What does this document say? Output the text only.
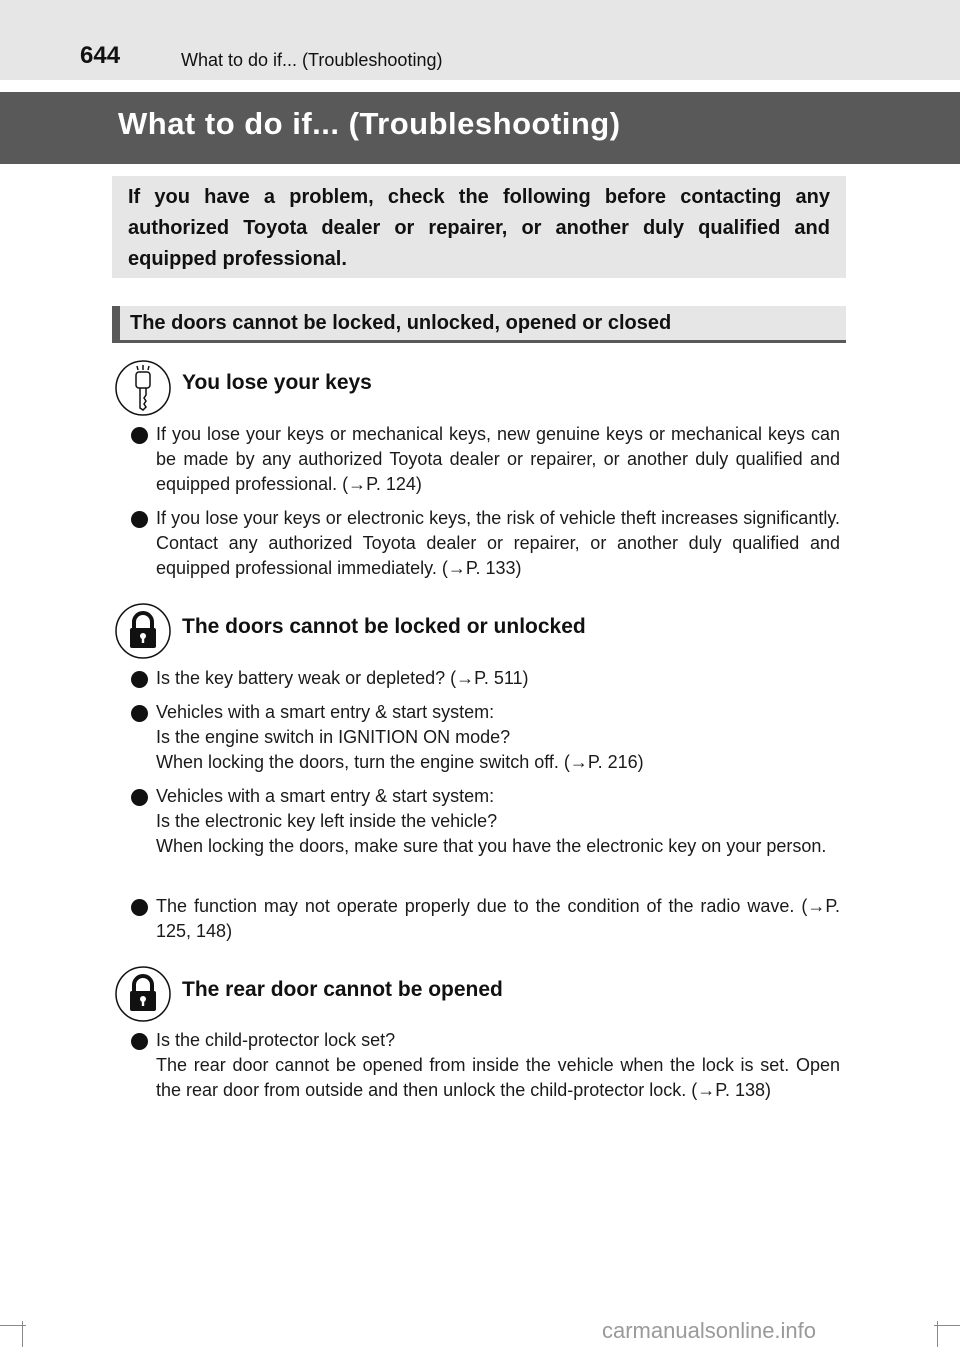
644	What to do if... (Troubleshooting)
What to do if... (Troubleshooting)
If you have a problem, check the following before contacting any authorized Toyota dealer or repairer, or another duly qualified and equipped professional.
The doors cannot be locked, unlocked, opened or closed
You lose your keys
If you lose your keys or mechanical keys, new genuine keys or mechanical keys can be made by any authorized Toyota dealer or repairer, or another duly qualified and equipped professional. (→P. 124)
If you lose your keys or electronic keys, the risk of vehicle theft increases significantly. Contact any authorized Toyota dealer or repairer, or another duly qualified and equipped professional immediately. (→P. 133)
The doors cannot be locked or unlocked
Is the key battery weak or depleted? (→P. 511)
Vehicles with a smart entry & start system:
Is the engine switch in IGNITION ON mode?
When locking the doors, turn the engine switch off. (→P. 216)
Vehicles with a smart entry & start system:
Is the electronic key left inside the vehicle?
When locking the doors, make sure that you have the electronic key on your person.
The function may not operate properly due to the condition of the radio wave. (→P. 125, 148)
The rear door cannot be opened
Is the child-protector lock set?
The rear door cannot be opened from inside the vehicle when the lock is set. Open the rear door from outside and then unlock the child-protector lock. (→P. 138)
carmanualsonline.info
